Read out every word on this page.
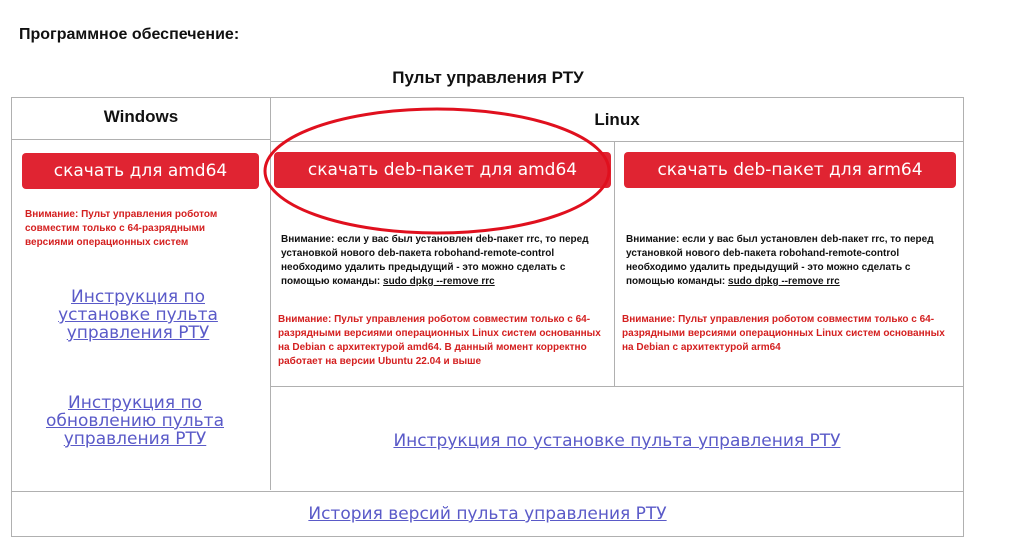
Программное обеспечение:
Пульт управления РТУ
Windows
скачать для amd64
Внимание: Пульт управления роботом совместим только с 64-разрядными версиями операционных систем
Инструкция по установке пульта управления РТУ
Инструкция по обновлению пульта управления РТУ
Linux
скачать deb-пакет для amd64
Внимание: если у вас был установлен deb-пакет rrc, то перед установкой нового deb-пакета robohand-remote-control необходимо удалить предыдущий - это можно сделать с помощью команды: sudo dpkg --remove rrc
Внимание: Пульт управления роботом совместим только с 64-разрядными версиями операционных Linux систем основанных на Debian с архитектурой amd64. В данный момент корректно работает на версии Ubuntu 22.04 и выше
скачать deb-пакет для arm64
Внимание: если у вас был установлен deb-пакет rrc, то перед установкой нового deb-пакета robohand-remote-control необходимо удалить предыдущий - это можно сделать с помощью команды: sudo dpkg --remove rrc
Внимание: Пульт управления роботом совместим только с 64-разрядными версиями операционных Linux систем основанных на Debian с архитектурой arm64
Инструкция по установке пульта управления РТУ
История версий пульта управления РТУ
